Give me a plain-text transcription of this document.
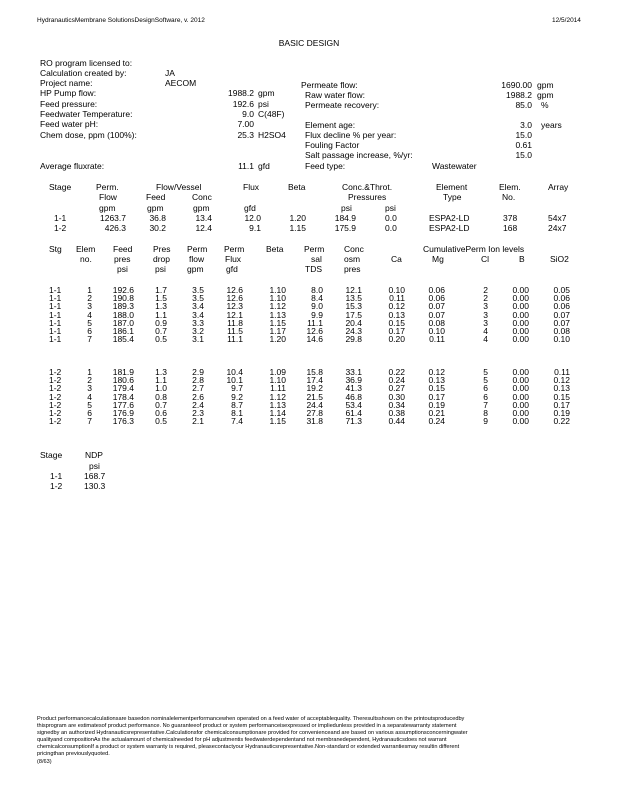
HydranauticsMembrane SolutionsDesignSoftware, v. 2012	12/5/2014
BASIC DESIGN
RO program licensed to:
Calculation created by:	JA
Project name:	AECOM
HP Pump flow:	1988.2 gpm
Feed pressure:	192.6 psi
Feedwater Temperature:	9.0 C(48F)
Feed water pH:	7.00
Chem dose, ppm (100%):	25.3 H2SO4
Average fluxrate:	11.1 gfd
Permeate flow:	1690.00 gpm
Raw water flow:	1988.2 gpm
Permeate recovery:	85.0 %
Element age:	3.0 years
Flux decline % per year:	15.0
Fouling Factor	0.61
Salt passage increase, %/yr:	15.0
Feed type:	Wastewater
Stage	Perm.
Flow
Flow/Vessel
Feed	Conc
Flux	Beta	Conc.&Throt.
Pressures
Element
Type
Elem.
No.
Array
gpm	gpm	gpm	gfd	psi	psi
1-1	1263.7	36.8	13.4	12.0	1.20	184.9	0.0	ESPA2-LD	378	54x7
1-2	426.3	30.2	12.4	9.1	1.15	175.9	0.0	ESPA2-LD	168	24x7
Stg Elem
no.
Feed
pres
psi
Pres
drop
psi
Perm
flow
gpm
Perm
Flux
gfd
Beta Perm
sal
TDS
Conc
osm
pres
CumulativePerm Ion levels
Ca	Mg	Cl	B	SiO2
1-1	1	192.6	1.7	3.5	12.6	1.10	8.0	12.1	0.10	0.06	2	0.00	0.05
1-1	2	190.8	1.5	3.5	12.6	1.10	8.4	13.5	0.11	0.06	2	0.00	0.06
1-1	3	189.3	1.3	3.4	12.3	1.12	9.0	15.3	0.12	0.07	3	0.00	0.06
1-1	4	188.0	1.1	3.4	12.1	1.13	9.9	17.5	0.13	0.07	3	0.00	0.07
1-1	5	187.0	0.9	3.3	11.8	1.15	11.1	20.4	0.15	0.08	3	0.00	0.07
1-1	6	186.1	0.7	3.2	11.5	1.17	12.6	24.3	0.17	0.10	4	0.00	0.08
1-1	7	185.4	0.5	3.1	11.1	1.20	14.6	29.8	0.20	0.11	4	0.00	0.10
1-2	1	181.9	1.3	2.9	10.4	1.09	15.8	33.1	0.22	0.12	5	0.00	0.11
1-2	2	180.6	1.1	2.8	10.1	1.10	17.4	36.9	0.24	0.13	5	0.00	0.12
1-2	3	179.4	1.0	2.7	9.7	1.11	19.2	41.3	0.27	0.15	6	0.00	0.13
1-2	4	178.4	0.8	2.6	9.2	1.12	21.5	46.8	0.30	0.17	6	0.00	0.15
1-2	5	177.6	0.7	2.4	8.7	1.13	24.4	53.4	0.34	0.19	7	0.00	0.17
1-2	6	176.9	0.6	2.3	8.1	1.14	27.8	61.4	0.38	0.21	8	0.00	0.19
1-2	7	176.3	0.5	2.1	7.4	1.15	31.8	71.3	0.44	0.24	9	0.00	0.22
Stage	NDP
psi
1-1	168.7
1-2	130.3
Product performancecalculationsare basedon nominalelementperformancewhen operated on a feed water of acceptablequality. Theresultsshown on the printoutsproducedby
thisprogram are estimatesof product performance. No guaranteeof product or system performanceisexpressed or impliedunless provided in a separatewarranty statement
signedby an authorized Hydranauticsrepresentative.Calculationsfor chemicalconsumptionare provided for convenienceand are based on various assumptionsconcerningwater
qualityand compositionAs the actualamount of chemicalneeded for pH adjustmentis feedwaterdependentand not membranedependent, Hydranauticsdoes not warrant
chemicalconsumptionIf a product or system warranty is required, pleasecontactyour Hydranauticsrepresentative.Non-standard or extended warrantiesmay resultin different
pricingthan previouslyquoted.
(8/63)
